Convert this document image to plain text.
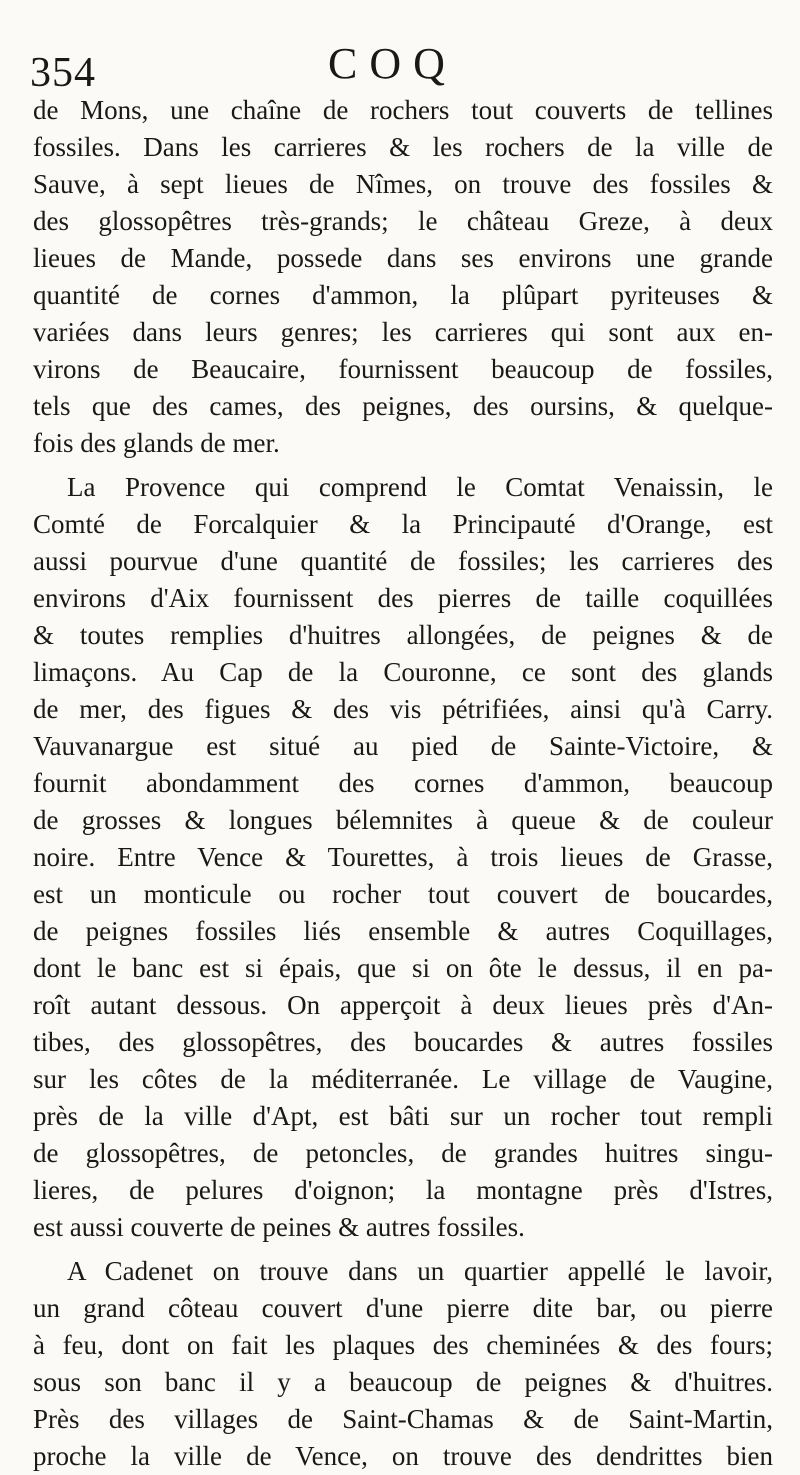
354	COQ
de Mons, une chaîne de rochers tout couverts de tellines
fossiles. Dans les carrieres & les rochers de la ville de
Sauve, à sept lieues de Nîmes, on trouve des fossiles &
des glossopêtres très-grands; le château Greze, à deux
lieues de Mande, possede dans ses environs une grande
quantité de cornes d'ammon, la plûpart pyriteuses &
variées dans leurs genres; les carrieres qui sont aux en-
virons de Beaucaire, fournissent beaucoup de fossiles,
tels que des cames, des peignes, des oursins, & quelque-
fois des glands de mer.
La Provence qui comprend le Comtat Venaissin, le
Comté de Forcalquier & la Principauté d'Orange, est
aussi pourvue d'une quantité de fossiles; les carrieres des
environs d'Aix fournissent des pierres de taille coquillées
& toutes remplies d'huitres allongées, de peignes & de
limaçons. Au Cap de la Couronne, ce sont des glands
de mer, des figues & des vis pétrifiées, ainsi qu'à Carry.
Vauvanargue est situé au pied de Sainte-Victoire, &
fournit abondamment des cornes d'ammon, beaucoup
de grosses & longues bélemnites à queue & de couleur
noire. Entre Vence & Tourettes, à trois lieues de Grasse,
est un monticule ou rocher tout couvert de boucardes,
de peignes fossiles liés ensemble & autres Coquillages,
dont le banc est si épais, que si on ôte le dessus, il en pa-
roît autant dessous. On apperçoit à deux lieues près d'An-
tibes, des glossopêtres, des boucardes & autres fossiles
sur les côtes de la méditerranée. Le village de Vaugine,
près de la ville d'Apt, est bâti sur un rocher tout rempli
de glossopêtres, de petoncles, de grandes huitres singu-
lieres, de pelures d'oignon; la montagne près d'Istres,
est aussi couverte de peines & autres fossiles.
A Cadenet on trouve dans un quartier appellé le lavoir,
un grand côteau couvert d'une pierre dite bar, ou pierre
à feu, dont on fait les plaques des cheminées & des fours;
sous son banc il y a beaucoup de peignes & d'huitres.
Près des villages de Saint-Chamas & de Saint-Martin,
proche la ville de Vence, on trouve des dendrittes bien
